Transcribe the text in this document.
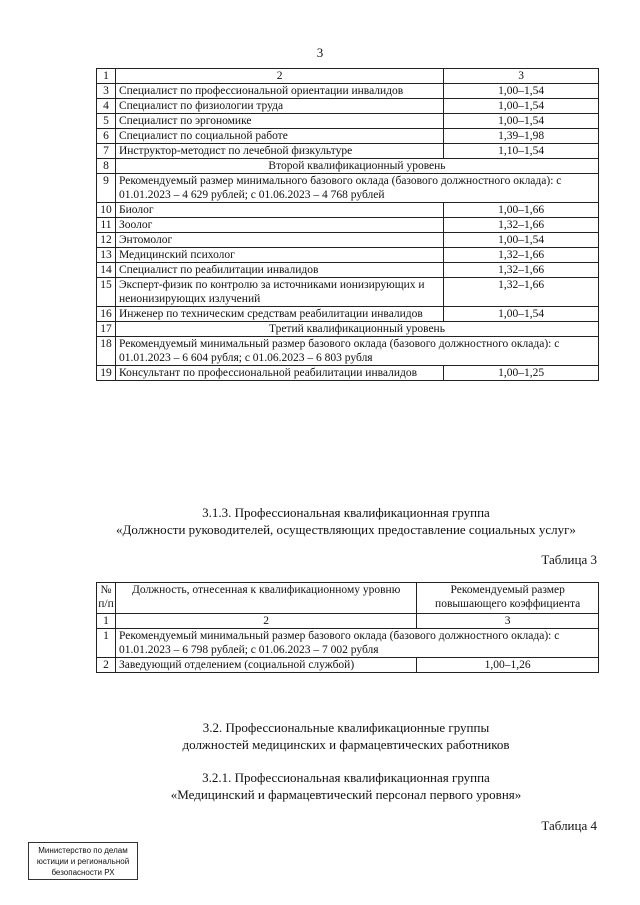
3
1	2	3
3	Специалист по профессиональной ориентации инвалидов	1,00–1,54
4	Специалист по физиологии труда	1,00–1,54
5	Специалист по эргономике	1,00–1,54
6	Специалист по социальной работе	1,39–1,98
7	Инструктор-методист по лечебной физкультуре	1,10–1,54
8	Второй квалификационный уровень	
9	Рекомендуемый размер минимального базового оклада (базового должностного оклада): с 01.01.2023 – 4 629 рублей; с 01.06.2023 – 4 768 рублей	
10	Биолог	1,00–1,66
11	Зоолог	1,32–1,66
12	Энтомолог	1,00–1,54
13	Медицинский психолог	1,32–1,66
14	Специалист по реабилитации инвалидов	1,32–1,66
15	Эксперт-физик по контролю за источниками ионизирующих и неионизирующих излучений	1,32–1,66
16	Инженер по техническим средствам реабилитации инвалидов	1,00–1,54
17	Третий квалификационный уровень	
18	Рекомендуемый минимальный размер базового оклада (базового должностного оклада): с 01.01.2023 – 6 604 рубля; с 01.06.2023 – 6 803 рубля	
19	Консультант по профессиональной реабилитации инвалидов	1,00–1,25
3.1.3. Профессиональная квалификационная группа
«Должности руководителей, осуществляющих предоставление социальных услуг»
Таблица 3
№ п/п	Должность, отнесенная к квалификационному уровню	Рекомендуемый размер повышающего коэффициента
1	2	3
1	Рекомендуемый минимальный размер базового оклада (базового должностного оклада): с 01.01.2023 – 6 798 рублей; с 01.06.2023 – 7 002 рубля	
2	Заведующий отделением (социальной службой)	1,00–1,26
3.2. Профессиональные квалификационные группы
должностей медицинских и фармацевтических работников
3.2.1. Профессиональная квалификационная группа
«Медицинский и фармацевтический персонал первого уровня»
Таблица 4
Министерство по делам
юстиции и региональной
безопасности РХ
